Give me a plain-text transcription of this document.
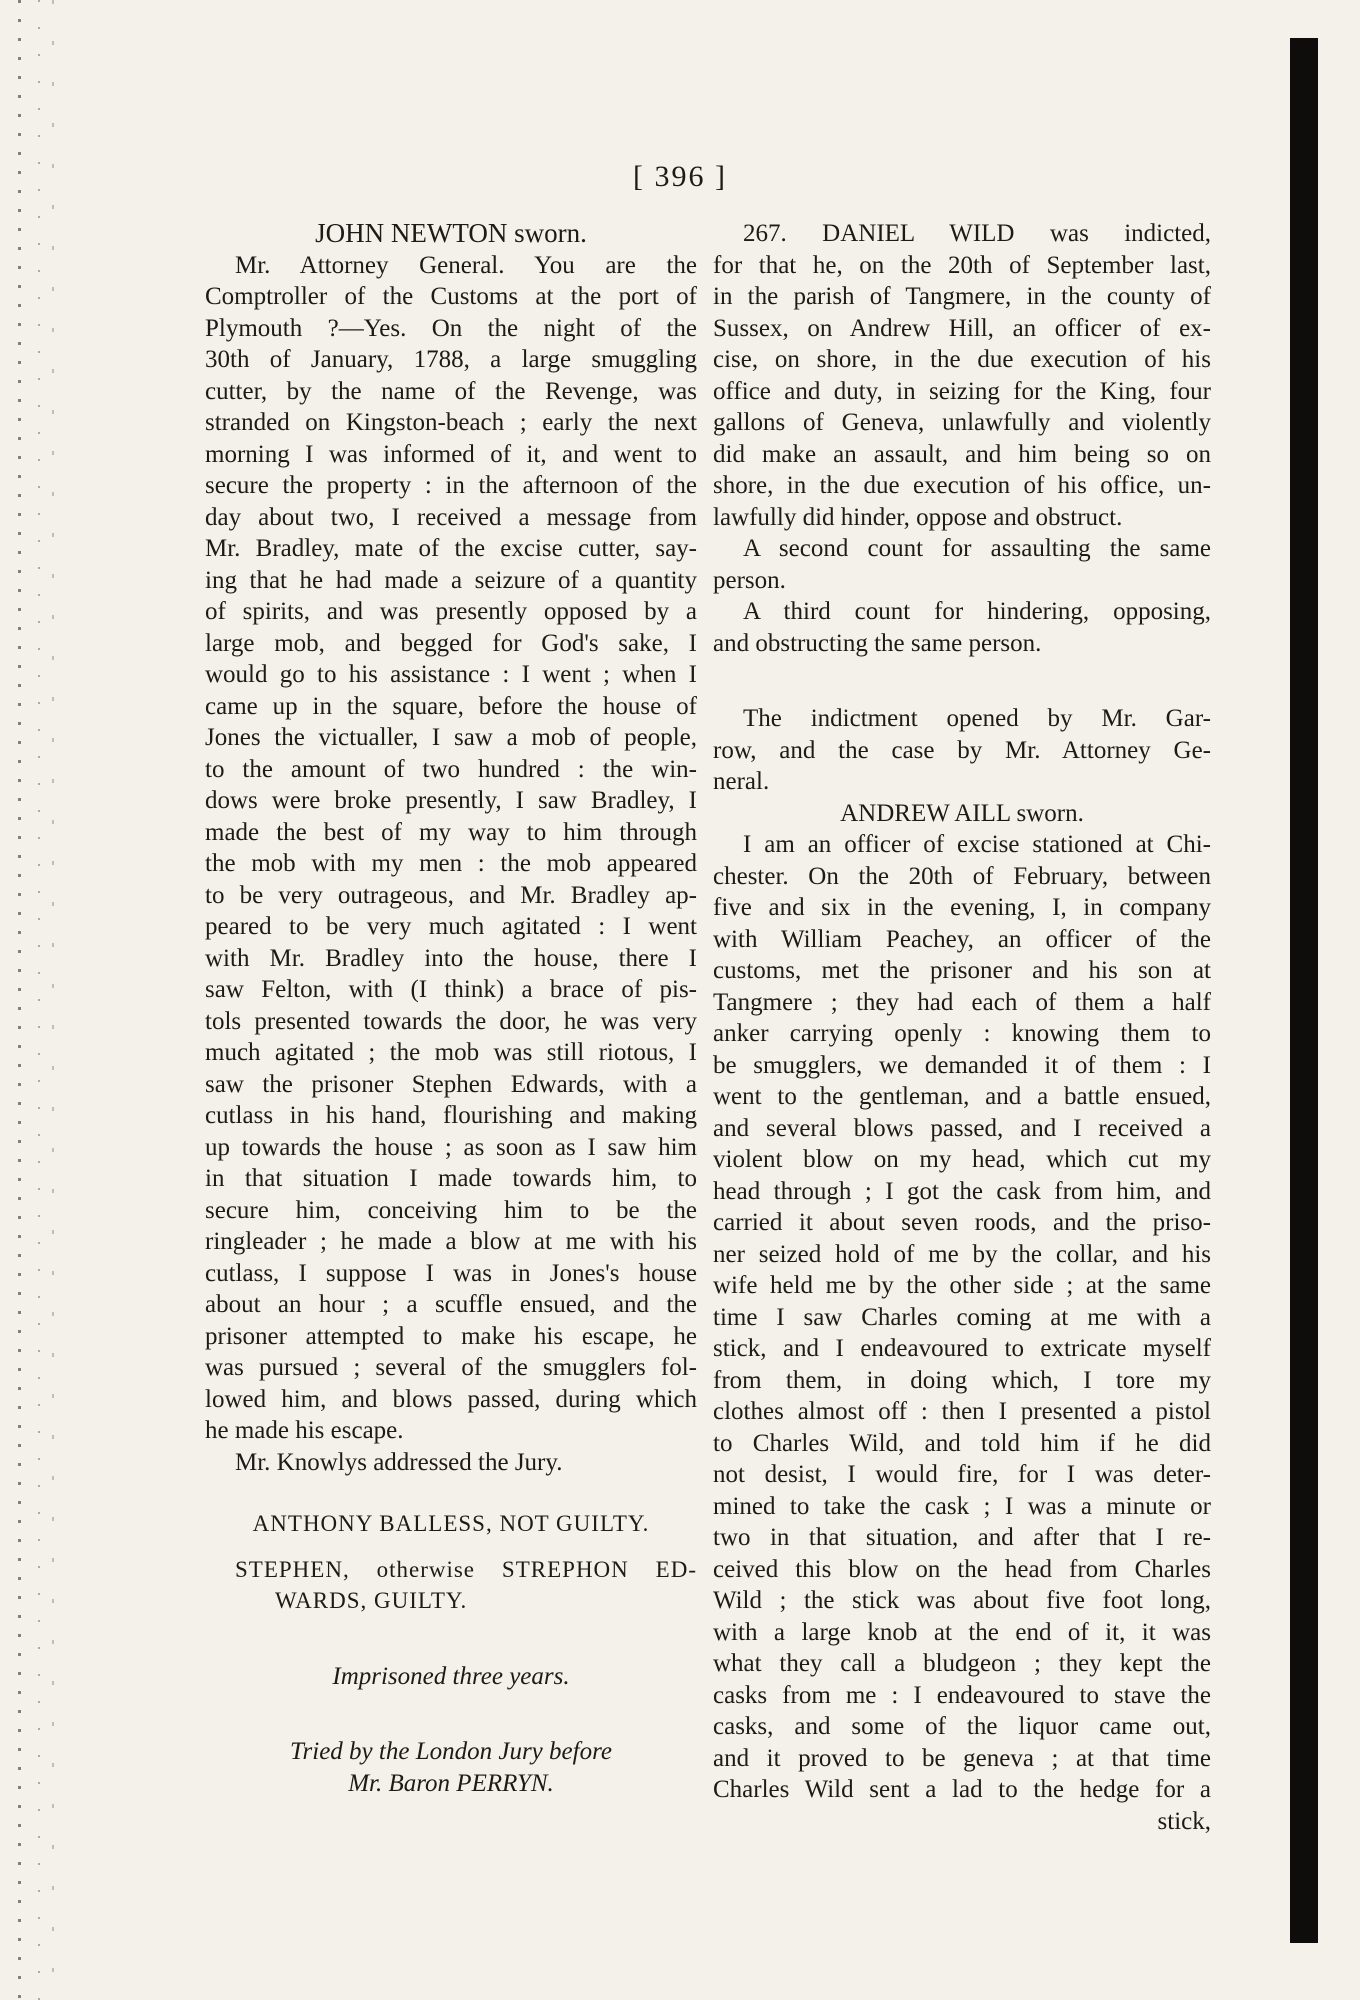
[ 396 ]
JOHN NEWTON sworn.
Mr. Attorney General. You are the
Comptroller of the Customs at the port of
Plymouth ?—Yes. On the night of the
30th of January, 1788, a large smuggling
cutter, by the name of the Revenge, was
stranded on Kingston-beach ; early the next
morning I was informed of it, and went to
secure the property : in the afternoon of the
day about two, I received a message from
Mr. Bradley, mate of the excise cutter, say-
ing that he had made a seizure of a quantity
of spirits, and was presently opposed by a
large mob, and begged for God's sake, I
would go to his assistance : I went ; when I
came up in the square, before the house of
Jones the victualler, I saw a mob of people,
to the amount of two hundred : the win-
dows were broke presently, I saw Bradley, I
made the best of my way to him through
the mob with my men : the mob appeared
to be very outrageous, and Mr. Bradley ap-
peared to be very much agitated : I went
with Mr. Bradley into the house, there I
saw Felton, with (I think) a brace of pis-
tols presented towards the door, he was very
much agitated ; the mob was still riotous, I
saw the prisoner Stephen Edwards, with a
cutlass in his hand, flourishing and making
up towards the house ; as soon as I saw him
in that situation I made towards him, to
secure him, conceiving him to be the
ringleader ; he made a blow at me with his
cutlass, I suppose I was in Jones's house
about an hour ; a scuffle ensued, and the
prisoner attempted to make his escape, he
was pursued ; several of the smugglers fol-
lowed him, and blows passed, during which
he made his escape.
Mr. Knowlys addressed the Jury.
ANTHONY BALLESS, NOT GUILTY.
STEPHEN, otherwise STREPHON ED-
WARDS, GUILTY.
Imprisoned three years.
Tried by the London Jury before
Mr. Baron PERRYN.
267. DANIEL WILD was indicted,
for that he, on the 20th of September last,
in the parish of Tangmere, in the county of
Sussex, on Andrew Hill, an officer of ex-
cise, on shore, in the due execution of his
office and duty, in seizing for the King, four
gallons of Geneva, unlawfully and violently
did make an assault, and him being so on
shore, in the due execution of his office, un-
lawfully did hinder, oppose and obstruct.
A second count for assaulting the same
person.
A third count for hindering, opposing,
and obstructing the same person.
The indictment opened by Mr. Gar-
row, and the case by Mr. Attorney Ge-
neral.
ANDREW AILL sworn.
I am an officer of excise stationed at Chi-
chester. On the 20th of February, between
five and six in the evening, I, in company
with William Peachey, an officer of the
customs, met the prisoner and his son at
Tangmere ; they had each of them a half
anker carrying openly : knowing them to
be smugglers, we demanded it of them : I
went to the gentleman, and a battle ensued,
and several blows passed, and I received a
violent blow on my head, which cut my
head through ; I got the cask from him, and
carried it about seven roods, and the priso-
ner seized hold of me by the collar, and his
wife held me by the other side ; at the same
time I saw Charles coming at me with a
stick, and I endeavoured to extricate myself
from them, in doing which, I tore my
clothes almost off : then I presented a pistol
to Charles Wild, and told him if he did
not desist, I would fire, for I was deter-
mined to take the cask ; I was a minute or
two in that situation, and after that I re-
ceived this blow on the head from Charles
Wild ; the stick was about five foot long,
with a large knob at the end of it, it was
what they call a bludgeon ; they kept the
casks from me : I endeavoured to stave the
casks, and some of the liquor came out,
and it proved to be geneva ; at that time
Charles Wild sent a lad to the hedge for a
stick,
